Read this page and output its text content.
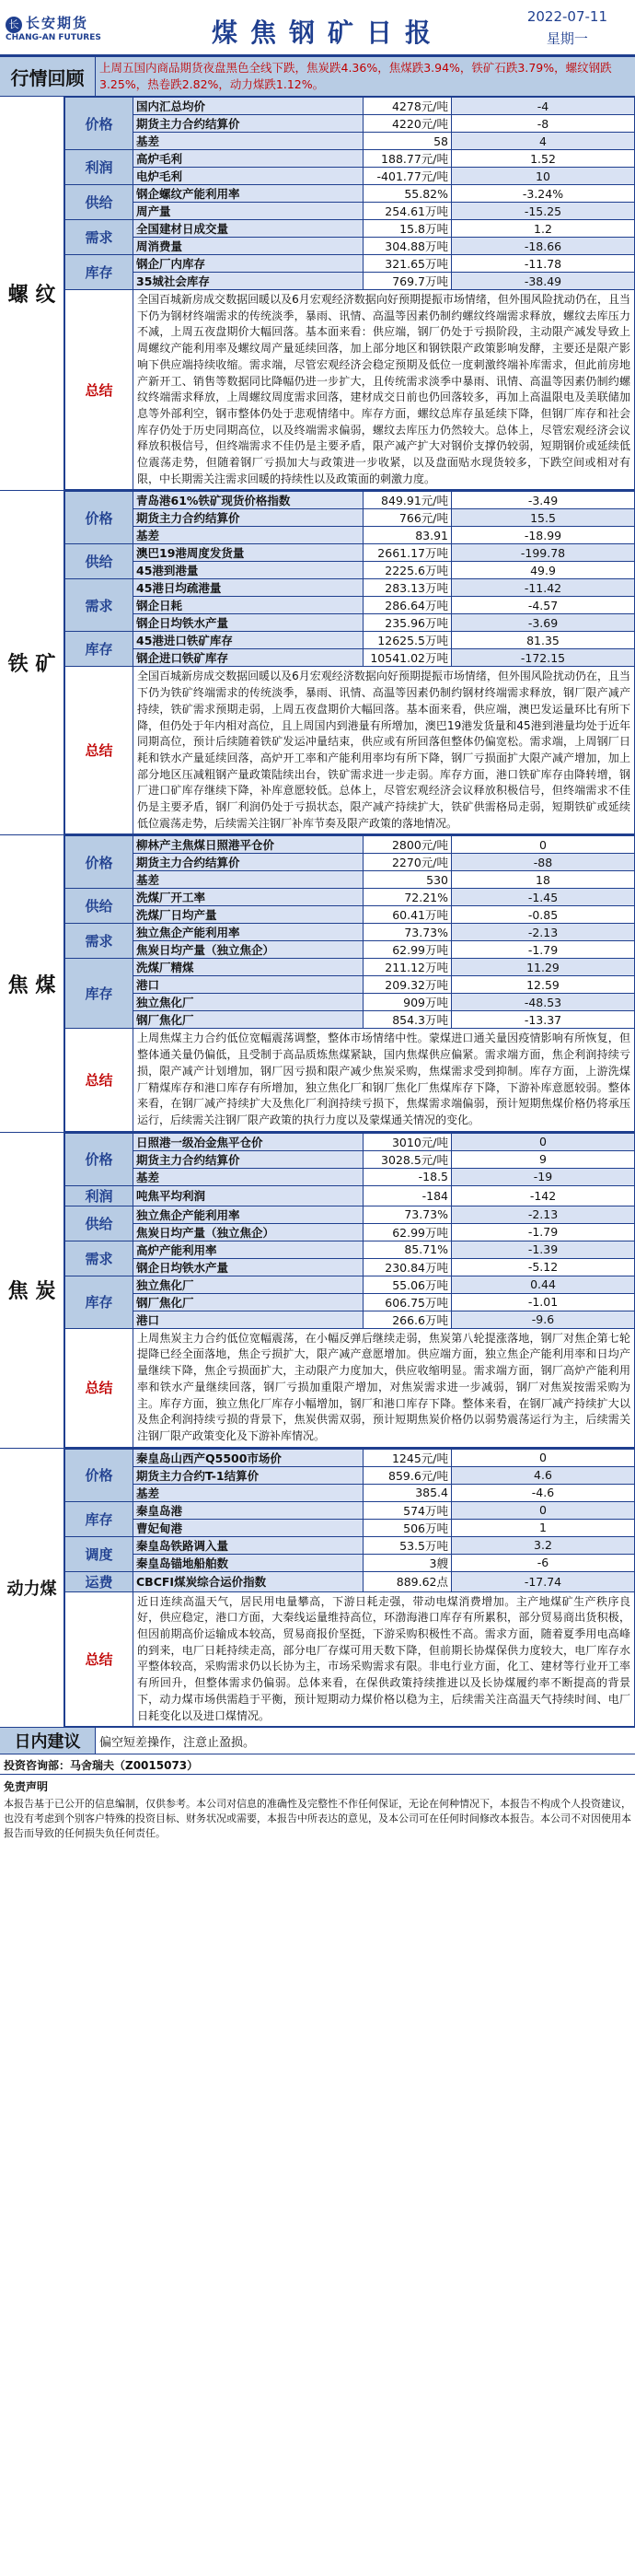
长 长安期货
CHANG-AN FUTURES	煤焦钢矿日报
2022-07-11
星期一
行情回顾	上周五国内商品期货夜盘黑色全线下跌，焦炭跌4.36%，焦煤跌3.94%，铁矿石跌3.79%，螺纹钢跌3.25%，热卷跌2.82%，动力煤跌1.12%。
螺 纹
价格	国内汇总均价	4278元/吨	-4
	期货主力合约结算价	4220元/吨	-8
	基差	58	4
利润	高炉毛利	188.77元/吨	1.52
	电炉毛利	-401.77元/吨	10
供给	钢企螺纹产能利用率	55.82%	-3.24%
	周产量	254.61万吨	-15.25
需求	全国建材日成交量	15.8万吨	1.2
	周消费量	304.88万吨	-18.66
库存	钢企厂内库存	321.65万吨	-11.78
	35城社会库存	769.7万吨	-38.49
总结	全国百城新房成交数据回暖以及6月宏观经济数据向好预期提振市场情绪，但外围风险扰动仍在，且当下仍为钢材终端需求的传统淡季，暴雨、讯情、高温等因素仍制约螺纹终端需求释放，螺纹去库压力不减，上周五夜盘期价大幅回落。基本面来看：供应端，钢厂仍处于亏损阶段，主动限产减发导致上周螺纹产能利用率及螺纹周产量延续回落，加上部分地区和钢铁限产政策影响发酵，主要还是限产影响下供应端持续收缩。需求端，尽管宏观经济会稳定预期及低位一度刺激终端补库需求，但此前房地产新开工、销售等数据同比降幅仍进一步扩大，且传统需求淡季中暴雨、讯情、高温等因素仍制约螺纹终端需求释放，上周螺纹周度需求回落，建材成交日前也仍回落较多，再加上高温限电及美联储加息等外部利空，钢市整体仍处于悲观情绪中。库存方面，螺纹总库存虽延续下降，但钢厂库存和社会库存仍处于历史同期高位，以及终端需求偏弱，螺纹去库压力仍然较大。总体上，尽管宏观经济会议释放积极信号，但终端需求不佳仍是主要矛盾，限产减产扩大对钢价支撑仍较弱，短期钢价或延续低位震荡走势，但随着钢厂亏损加大与政策进一步收紧，以及盘面贴水现货较多，下跌空间或相对有限，中长期需关注需求回暖的持续性以及政策面的刺激力度。		
铁 矿
价格	青岛港61%铁矿现货价格指数	849.91元/吨	-3.49
	期货主力合约结算价	766元/吨	15.5
	基差	83.91	-18.99
供给	澳巴19港周度发货量	2661.17万吨	-199.78
	45港到港量	2225.6万吨	49.9
需求	45港日均疏港量	283.13万吨	-11.42
	钢企日耗	286.64万吨	-4.57
	钢企日均铁水产量	235.96万吨	-3.69
库存	45港进口铁矿库存	12625.5万吨	81.35
	钢企进口铁矿库存	10541.02万吨	-172.15
总结	全国百城新房成交数据回暖以及6月宏观经济数据向好预期提振市场情绪，但外围风险扰动仍在，且当下仍为铁矿终端需求的传统淡季，暴雨、讯情、高温等因素仍制约钢材终端需求释放，钢厂限产减产持续，铁矿需求预期走弱，上周五夜盘期价大幅回落。基本面来看，供应端，澳巴发运量环比有所下降，但仍处于年内相对高位，且上周国内到港量有所增加，澳巴19港发货量和45港到港量均处于近年同期高位，预计后续随着铁矿发运冲量结束，供应或有所回落但整体仍偏宽松。需求端，上周钢厂日耗和铁水产量延续回落，高炉开工率和产能利用率均有所下降，钢厂亏损面扩大限产减产增加，加上部分地区压减粗钢产量政策陆续出台，铁矿需求进一步走弱。库存方面，港口铁矿库存由降转增，钢厂进口矿库存继续下降，补库意愿较低。总体上，尽管宏观经济会议释放积极信号，但终端需求不佳仍是主要矛盾，钢厂利润仍处于亏损状态，限产减产持续扩大，铁矿供需格局走弱，短期铁矿或延续低位震荡走势，后续需关注钢厂补库节奏及限产政策的落地情况。		
焦 煤
价格	柳林产主焦煤日照港平仓价	2800元/吨	0
	期货主力合约结算价	2270元/吨	-88
	基差	530	18
供给	洗煤厂开工率	72.21%	-1.45
	洗煤厂日均产量	60.41万吨	-0.85
需求	独立焦企产能利用率	73.73%	-2.13
	焦炭日均产量（独立焦企）	62.99万吨	-1.79
库存	洗煤厂精煤	211.12万吨	11.29
	港口	209.32万吨	12.59
	独立焦化厂	909万吨	-48.53
	钢厂焦化厂	854.3万吨	-13.37
总结	上周焦煤主力合约低位宽幅震荡调整，整体市场情绪中性。蒙煤进口通关量因疫情影响有所恢复，但整体通关量仍偏低，且受制于高品质炼焦煤紧缺，国内焦煤供应偏紧。需求端方面，焦企利润持续亏损，限产减产计划增加，钢厂因亏损和限产减少焦炭采购，焦煤需求受到抑制。库存方面，上游洗煤厂精煤库存和港口库存有所增加，独立焦化厂和钢厂焦化厂焦煤库存下降，下游补库意愿较弱。整体来看，在钢厂减产持续扩大及焦化厂利润持续亏损下，焦煤需求端偏弱，预计短期焦煤价格仍将承压运行，后续需关注钢厂限产政策的执行力度以及蒙煤通关情况的变化。		
焦 炭
价格	日照港一级冶金焦平仓价	3010元/吨	0
	期货主力合约结算价	3028.5元/吨	9
	基差	-18.5	-19
利润	吨焦平均利润	-184	-142
供给	独立焦企产能利用率	73.73%	-2.13
	焦炭日均产量（独立焦企）	62.99万吨	-1.79
需求	高炉产能利用率	85.71%	-1.39
	钢企日均铁水产量	230.84万吨	-5.12
库存	独立焦化厂	55.06万吨	0.44
	钢厂焦化厂	606.75万吨	-1.01
	港口	266.6万吨	-9.6
总结	上周焦炭主力合约低位宽幅震荡，在小幅反弹后继续走弱，焦炭第八轮提涨落地，钢厂对焦企第七轮提降已经全面落地，焦企亏损扩大，限产减产意愿增加。供应端方面，独立焦企产能利用率和日均产量继续下降，焦企亏损面扩大，主动限产力度加大，供应收缩明显。需求端方面，钢厂高炉产能利用率和铁水产量继续回落，钢厂亏损加重限产增加，对焦炭需求进一步减弱，钢厂对焦炭按需采购为主。库存方面，独立焦化厂库存小幅增加，钢厂和港口库存下降。整体来看，在钢厂减产持续扩大以及焦企利润持续亏损的背景下，焦炭供需双弱，预计短期焦炭价格仍以弱势震荡运行为主，后续需关注钢厂限产政策变化及下游补库情况。		
动力煤
价格	秦皇岛山西产Q5500市场价	1245元/吨	0
	期货主力合约T-1结算价	859.6元/吨	4.6
	基差	385.4	-4.6
库存	秦皇岛港	574万吨	0
	曹妃甸港	506万吨	1
调度	秦皇岛铁路调入量	53.5万吨	3.2
	秦皇岛锚地船舶数	3艘	-6
运费	CBCFI煤炭综合运价指数	889.62点	-17.74
总结	近日连续高温天气，居民用电量攀高，下游日耗走强，带动电煤消费增加。主产地煤矿生产秩序良好，供应稳定，港口方面，大秦线运量维持高位，环渤海港口库存有所累积，部分贸易商出货积极，但因前期高价运输成本较高，贸易商报价坚挺，下游采购积极性不高。需求方面，随着夏季用电高峰的到来，电厂日耗持续走高，部分电厂存煤可用天数下降，但前期长协煤保供力度较大，电厂库存水平整体较高，采购需求仍以长协为主，市场采购需求有限。非电行业方面，化工、建材等行业开工率有所回升，但整体需求仍偏弱。总体来看，在保供政策持续推进以及长协煤履约率不断提高的背景下，动力煤市场供需趋于平衡，预计短期动力煤价格以稳为主，后续需关注高温天气持续时间、电厂日耗变化以及进口煤情况。		
日内建议	偏空短差操作，注意止盈损。
投资咨询部：马舍瑞夫（Z0015073）
免责声明
本报告基于已公开的信息编制，仅供参考。本公司对信息的准确性及完整性不作任何保证，无论在何种情况下，本报告不构成个人投资建议，也没有考虑到个别客户特殊的投资目标、财务状况或需要，本报告中所表达的意见，及本公司可在任何时间修改本报告。本公司不对因使用本报告而导致的任何损失负任何责任。
